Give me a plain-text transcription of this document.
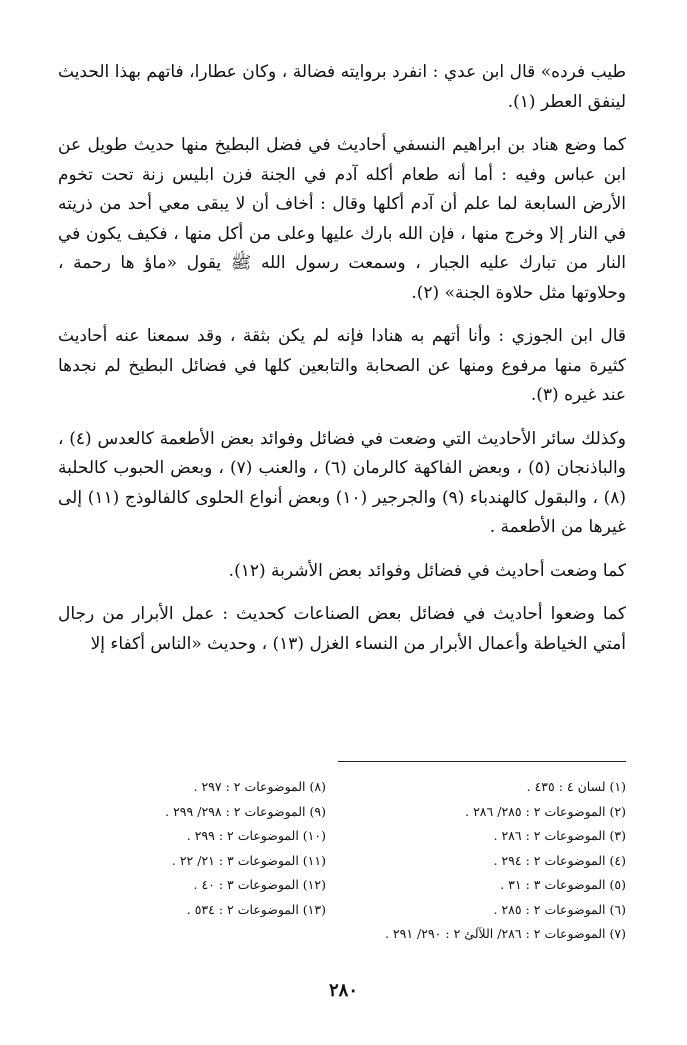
طيب فرده» قال ابن عدي : انفرد بروايته فضالة ، وكان عطارا، فاتهم بهذا الحديث لينفق العطر (١).

كما وضع هناد بن ابراهيم النسفي أحاديث في فضل البطيخ منها حديث طويل عن ابن عباس وفيه : أما أنه طعام أكله آدم في الجنة فزن ابليس زنة تحت تخوم الأرض السابعة لما علم أن آدم أكلها وقال : أخاف أن لا يبقى معي أحد من ذريته في النار إلا وخرج منها ، فإن الله بارك عليها وعلى من أكل منها ، فكيف يكون في النار من تبارك عليه الجبار ، وسمعت رسول الله ﷺ يقول «ماؤ ها رحمة ، وحلاوتها مثل حلاوة الجنة» (٢).

قال ابن الجوزي : وأنا أتهم به هنادا فإنه لم يكن بثقة ، وقد سمعنا عنه أحاديث كثيرة منها مرفوع ومنها عن الصحابة والتابعين كلها في فضائل البطيخ لم نجدها عند غيره (٣).

وكذلك سائر الأحاديث التي وضعت في فضائل وفوائد بعض الأطعمة كالعدس (٤) ، والباذنجان (٥) ، وبعض الفاكهة كالرمان (٦) ، والعنب (٧) ، وبعض الحبوب كالحلبة (٨) ، والبقول كالهندباء (٩) والجرجير (١٠) وبعض أنواع الحلوى كالفالوذج (١١) إلى غيرها من الأطعمة .

كما وضعت أحاديث في فضائل وفوائد بعض الأشربة (١٢).

كما وضعوا أحاديث في فضائل بعض الصناعات كحديث : عمل الأبرار من رجال أمتي الخياطة وأعمال الأبرار من النساء الغزل (١٣) ، وحديث «الناس أكفاء إلا

(١) لسان ٤ : ٤٣٥ .
(٢) الموضوعات ٢ : ٢٨٥/ ٢٨٦ .
(٣) الموضوعات ٢ : ٢٨٦ .
(٤) الموضوعات ٢ : ٢٩٤ .
(٥) الموضوعات ٣ : ٣١ .
(٦) الموضوعات ٢ : ٢٨٥ .
(٧) الموضوعات ٢ : ٢٨٦/ اللآلئ ٢ : ٢٩٠/ ٢٩١ .
(٨) الموضوعات ٢ : ٢٩٧ .
(٩) الموضوعات ٢ : ٢٩٨/ ٢٩٩ .
(١٠) الموضوعات ٢ : ٢٩٩ .
(١١) الموضوعات ٣ : ٢١/ ٢٢ .
(١٢) الموضوعات ٣ : ٤٠ .
(١٣) الموضوعات ٢ : ٥٣٤ .
٢٨٠
